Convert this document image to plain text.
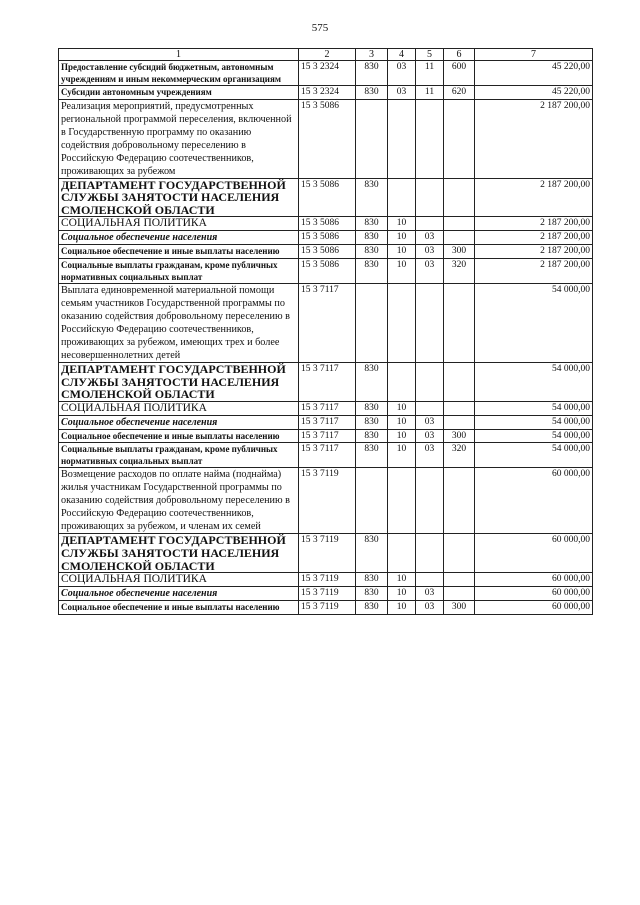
575
1	2	3	4	5	6	7
Предоставление субсидий бюджетным, автономным учреждениям и иным некоммерческим организациям	15 3 2324	830	03	11	600	45 220,00
Субсидии автономным учреждениям	15 3 2324	830	03	11	620	45 220,00
Реализация мероприятий, предусмотренных региональной программой переселения, включенной в Государственную программу по оказанию содействия добровольному переселению в Российскую Федерацию соотечественников, проживающих за рубежом	15 3 5086					2 187 200,00
ДЕПАРТАМЕНТ ГОСУДАРСТВЕННОЙ СЛУЖБЫ ЗАНЯТОСТИ НАСЕЛЕНИЯ СМОЛЕНСКОЙ ОБЛАСТИ	15 3 5086	830				2 187 200,00
СОЦИАЛЬНАЯ ПОЛИТИКА	15 3 5086	830	10			2 187 200,00
Социальное обеспечение населения	15 3 5086	830	10	03		2 187 200,00
Социальное обеспечение и иные выплаты населению	15 3 5086	830	10	03	300	2 187 200,00
Социальные выплаты гражданам, кроме публичных нормативных социальных выплат	15 3 5086	830	10	03	320	2 187 200,00
Выплата единовременной материальной помощи семьям участников Государственной программы по оказанию содействия добровольному переселению в Российскую Федерацию соотечественников, проживающих за рубежом, имеющих трех и более несовершеннолетних детей	15 3 7117					54 000,00
ДЕПАРТАМЕНТ ГОСУДАРСТВЕННОЙ СЛУЖБЫ ЗАНЯТОСТИ НАСЕЛЕНИЯ СМОЛЕНСКОЙ ОБЛАСТИ	15 3 7117	830				54 000,00
СОЦИАЛЬНАЯ ПОЛИТИКА	15 3 7117	830	10			54 000,00
Социальное обеспечение населения	15 3 7117	830	10	03		54 000,00
Социальное обеспечение и иные выплаты населению	15 3 7117	830	10	03	300	54 000,00
Социальные выплаты гражданам, кроме публичных нормативных социальных выплат	15 3 7117	830	10	03	320	54 000,00
Возмещение расходов по оплате найма (поднайма) жилья участникам Государственной программы по оказанию содействия добровольному переселению в Российскую Федерацию соотечественников, проживающих за рубежом, и членам их семей	15 3 7119					60 000,00
ДЕПАРТАМЕНТ ГОСУДАРСТВЕННОЙ СЛУЖБЫ ЗАНЯТОСТИ НАСЕЛЕНИЯ СМОЛЕНСКОЙ ОБЛАСТИ	15 3 7119	830				60 000,00
СОЦИАЛЬНАЯ ПОЛИТИКА	15 3 7119	830	10			60 000,00
Социальное обеспечение населения	15 3 7119	830	10	03		60 000,00
Социальное обеспечение и иные выплаты населению	15 3 7119	830	10	03	300	60 000,00
